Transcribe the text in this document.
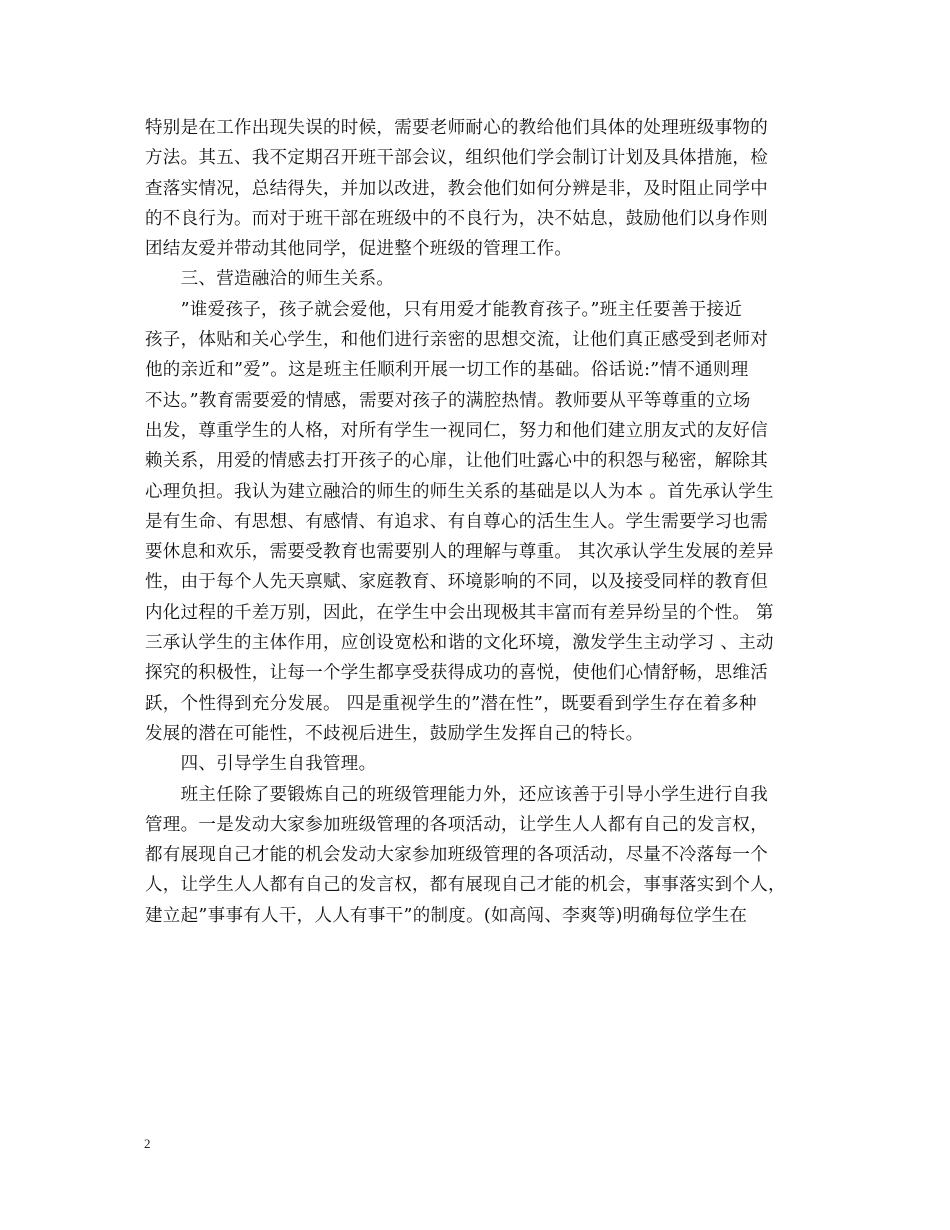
特别是在工作出现失误的时候，需要老师耐心的教给他们具体的处理班级事物的
方法。其五、我不定期召开班干部会议，组织他们学会制订计划及具体措施，检
查落实情况，总结得失，并加以改进，教会他们如何分辨是非，及时阻止同学中
的不良行为。而对于班干部在班级中的不良行为，决不姑息，鼓励他们以身作则
团结友爱并带动其他同学，促进整个班级的管理工作。
　　三、营造融洽的师生关系。
　　”谁爱孩子，孩子就会爱他，只有用爱才能教育孩子。”班主任要善于接近
孩子，体贴和关心学生，和他们进行亲密的思想交流，让他们真正感受到老师对
他的亲近和”爱”。这是班主任顺利开展一切工作的基础。俗话说:”情不通则理
不达。”教育需要爱的情感，需要对孩子的满腔热情。教师要从平等尊重的立场
出发，尊重学生的人格，对所有学生一视同仁，努力和他们建立朋友式的友好信
赖关系，用爱的情感去打开孩子的心扉，让他们吐露心中的积怨与秘密，解除其
心理负担。我认为建立融洽的师生的师生关系的基础是以人为本 。首先承认学生
是有生命、有思想、有感情、有追求、有自尊心的活生生人。学生需要学习也需
要休息和欢乐，需要受教育也需要别人的理解与尊重。 其次承认学生发展的差异
性，由于每个人先天禀赋、家庭教育、环境影响的不同，以及接受同样的教育但
内化过程的千差万别，因此，在学生中会出现极其丰富而有差异纷呈的个性。 第
三承认学生的主体作用，应创设宽松和谐的文化环境，激发学生主动学习 、主动
探究的积极性，让每一个学生都享受获得成功的喜悦，使他们心情舒畅，思维活
跃，个性得到充分发展。 四是重视学生的”潜在性”，既要看到学生存在着多种
发展的潜在可能性，不歧视后进生，鼓励学生发挥自己的特长。
　　四、引导学生自我管理。
　　班主任除了要锻炼自己的班级管理能力外，还应该善于引导小学生进行自我
管理。一是发动大家参加班级管理的各项活动，让学生人人都有自己的发言权，
都有展现自己才能的机会发动大家参加班级管理的各项活动，尽量不冷落每一个
人，让学生人人都有自己的发言权，都有展现自己才能的机会，事事落实到个人，
建立起”事事有人干，人人有事干”的制度。(如高闯、李爽等)明确每位学生在
2
